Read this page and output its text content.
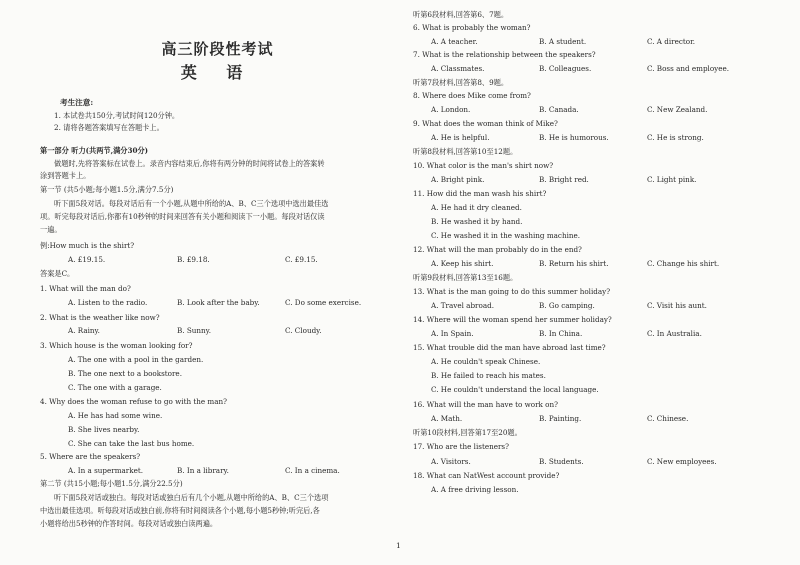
高三阶段性考试
英 语
考生注意:
1. 本试卷共150分,考试时间120分钟。
2. 请将各题答案填写在答题卡上。
第一部分 听力(共两节,满分30分)
做题时,先将答案标在试卷上。录音内容结束后,你将有两分钟的时间将试卷上的答案转
涂到答题卡上。
第一节 (共5小题;每小题1.5分,满分7.5分)
听下面5段对话。每段对话后有一个小题,从题中所给的A、B、C三个选项中选出最佳选
项。听完每段对话后,你都有10秒钟的时间来回答有关小题和阅读下一小题。每段对话仅读
一遍。
例:How much is the shirt?
A. £19.15.	B. £9.18.	C. £9.15.
答案是C。
1. What will the man do?
A. Listen to the radio.	B. Look after the baby.	C. Do some exercise.
2. What is the weather like now?
A. Rainy.	B. Sunny.	C. Cloudy.
3. Which house is the woman looking for?
A. The one with a pool in the garden.
B. The one next to a bookstore.
C. The one with a garage.
4. Why does the woman refuse to go with the man?
A. He has had some wine.
B. She lives nearby.
C. She can take the last bus home.
5. Where are the speakers?
A. In a supermarket.	B. In a library.	C. In a cinema.
第二节 (共15小题;每小题1.5分,满分22.5分)
听下面5段对话或独白。每段对话或独白后有几个小题,从题中所给的A、B、C三个选项
中选出最佳选项。听每段对话或独白前,你将有时间阅读各个小题,每小题5秒钟;听完后,各
小题将给出5秒钟的作答时间。每段对话或独白读两遍。
听第6段材料,回答第6、7题。
6. What is probably the woman?
A. A teacher.	B. A student.	C. A director.
7. What is the relationship between the speakers?
A. Classmates.	B. Colleagues.	C. Boss and employee.
听第7段材料,回答第8、9题。
8. Where does Mike come from?
A. London.	B. Canada.	C. New Zealand.
9. What does the woman think of Mike?
A. He is helpful.	B. He is humorous.	C. He is strong.
听第8段材料,回答第10至12题。
10. What color is the man's shirt now?
A. Bright pink.	B. Bright red.	C. Light pink.
11. How did the man wash his shirt?
A. He had it dry cleaned.
B. He washed it by hand.
C. He washed it in the washing machine.
12. What will the man probably do in the end?
A. Keep his shirt.	B. Return his shirt.	C. Change his shirt.
听第9段材料,回答第13至16题。
13. What is the man going to do this summer holiday?
A. Travel abroad.	B. Go camping.	C. Visit his aunt.
14. Where will the woman spend her summer holiday?
A. In Spain.	B. In China.	C. In Australia.
15. What trouble did the man have abroad last time?
A. He couldn't speak Chinese.
B. He failed to reach his mates.
C. He couldn't understand the local language.
16. What will the man have to work on?
A. Math.	B. Painting.	C. Chinese.
听第10段材料,回答第17至20题。
17. Who are the listeners?
A. Visitors.	B. Students.	C. New employees.
18. What can NatWest account provide?
A. A free driving lesson.
1
